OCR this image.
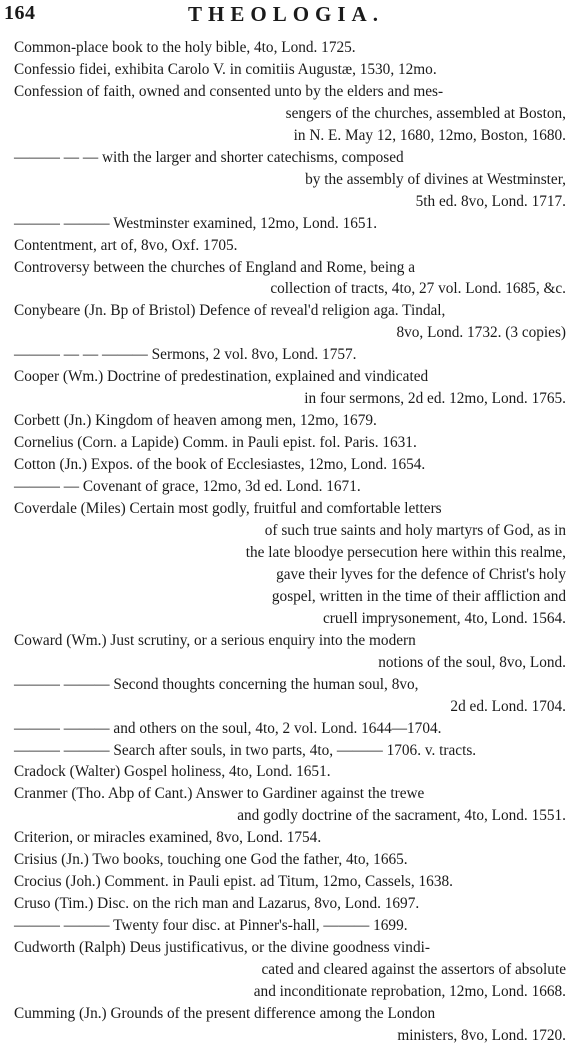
164	THEOLOGIA.
Common-place book to the holy bible, 4to, Lond. 1725.
Confessio fidei, exhibita Carolo V. in comitiis Augustæ, 1530, 12mo.
Confession of faith, owned and consented unto by the elders and mes-
sengers of the churches, assembled at Boston,
in N. E. May 12, 1680, 12mo, Boston, 1680.
——— — — with the larger and shorter catechisms, composed
by the assembly of divines at Westminster,
5th ed. 8vo, Lond. 1717.
——— ——— Westminster examined, 12mo, Lond. 1651.
Contentment, art of, 8vo, Oxf. 1705.
Controversy between the churches of England and Rome, being a
collection of tracts, 4to, 27 vol. Lond. 1685, &c.
Conybeare (Jn. Bp of Bristol) Defence of reveal'd religion aga. Tindal,
8vo, Lond. 1732. (3 copies)
——— — — ——— Sermons, 2 vol. 8vo, Lond. 1757.
Cooper (Wm.) Doctrine of predestination, explained and vindicated
in four sermons, 2d ed. 12mo, Lond. 1765.
Corbett (Jn.) Kingdom of heaven among men, 12mo, 1679.
Cornelius (Corn. a Lapide) Comm. in Pauli epist. fol. Paris. 1631.
Cotton (Jn.) Expos. of the book of Ecclesiastes, 12mo, Lond. 1654.
——— — Covenant of grace, 12mo, 3d ed. Lond. 1671.
Coverdale (Miles) Certain most godly, fruitful and comfortable letters
of such true saints and holy martyrs of God, as in
the late bloodye persecution here within this realme,
gave their lyves for the defence of Christ's holy
gospel, written in the time of their affliction and
cruell imprysonement, 4to, Lond. 1564.
Coward (Wm.) Just scrutiny, or a serious enquiry into the modern
notions of the soul, 8vo, Lond.
——— ——— Second thoughts concerning the human soul, 8vo,
2d ed. Lond. 1704.
——— ——— and others on the soul, 4to, 2 vol. Lond. 1644—1704.
——— ——— Search after souls, in two parts, 4to, ——— 1706. v. tracts.
Cradock (Walter) Gospel holiness, 4to, Lond. 1651.
Cranmer (Tho. Abp of Cant.) Answer to Gardiner against the trewe
and godly doctrine of the sacrament, 4to, Lond. 1551.
Criterion, or miracles examined, 8vo, Lond. 1754.
Crisius (Jn.) Two books, touching one God the father, 4to, 1665.
Crocius (Joh.) Comment. in Pauli epist. ad Titum, 12mo, Cassels, 1638.
Cruso (Tim.) Disc. on the rich man and Lazarus, 8vo, Lond. 1697.
——— ——— Twenty four disc. at Pinner's-hall, ——— 1699.
Cudworth (Ralph) Deus justificativus, or the divine goodness vindi-
cated and cleared against the assertors of absolute
and inconditionate reprobation, 12mo, Lond. 1668.
Cumming (Jn.) Grounds of the present difference among the London
ministers, 8vo, Lond. 1720.
